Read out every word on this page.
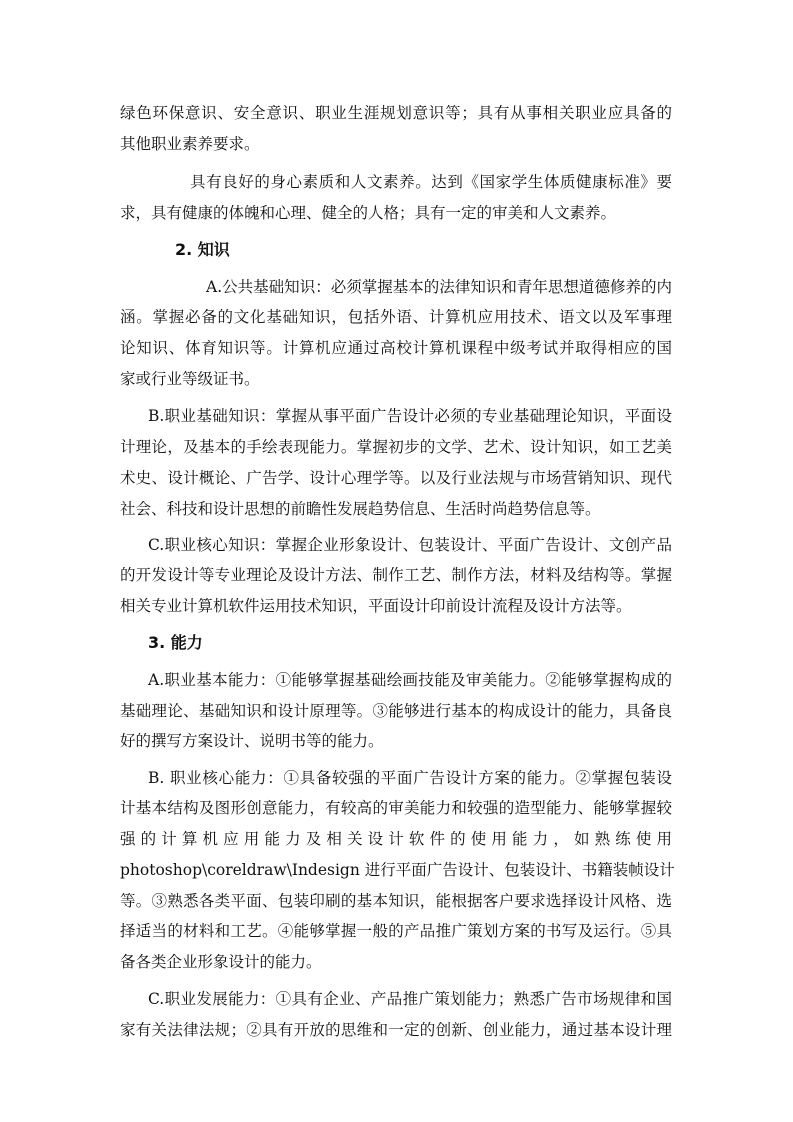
绿色环保意识、安全意识、职业生涯规划意识等；具有从事相关职业应具备的
其他职业素养要求。
具有良好的身心素质和人文素养。达到《国家学生体质健康标准》要
求，具有健康的体魄和心理、健全的人格；具有一定的审美和人文素养。
2. 知识
A.公共基础知识：必须掌握基本的法律知识和青年思想道德修养的内
涵。掌握必备的文化基础知识，包括外语、计算机应用技术、语文以及军事理
论知识、体育知识等。计算机应通过高校计算机课程中级考试并取得相应的国
家或行业等级证书。
B.职业基础知识：掌握从事平面广告设计必须的专业基础理论知识，平面设
计理论，及基本的手绘表现能力。掌握初步的文学、艺术、设计知识，如工艺美
术史、设计概论、广告学、设计心理学等。以及行业法规与市场营销知识、现代
社会、科技和设计思想的前瞻性发展趋势信息、生活时尚趋势信息等。
C.职业核心知识：掌握企业形象设计、包装设计、平面广告设计、文创产品
的开发设计等专业理论及设计方法、制作工艺、制作方法，材料及结构等。掌握
相关专业计算机软件运用技术知识，平面设计印前设计流程及设计方法等。
3. 能力
A.职业基本能力：①能够掌握基础绘画技能及审美能力。②能够掌握构成的
基础理论、基础知识和设计原理等。③能够进行基本的构成设计的能力，具备良
好的撰写方案设计、说明书等的能力。
B. 职业核心能力：①具备较强的平面广告设计方案的能力。②掌握包装设
计基本结构及图形创意能力，有较高的审美能力和较强的造型能力、能够掌握较
强的计算机应用能力及相关设计软件的使用能力，如熟练使用
photoshop\coreldraw\Indesign 进行平面广告设计、包装设计、书籍装帧设计
等。③熟悉各类平面、包装印刷的基本知识，能根据客户要求选择设计风格、选
择适当的材料和工艺。④能够掌握一般的产品推广策划方案的书写及运行。⑤具
备各类企业形象设计的能力。
C.职业发展能力：①具有企业、产品推广策划能力；熟悉广告市场规律和国
家有关法律法规；②具有开放的思维和一定的创新、创业能力，通过基本设计理
